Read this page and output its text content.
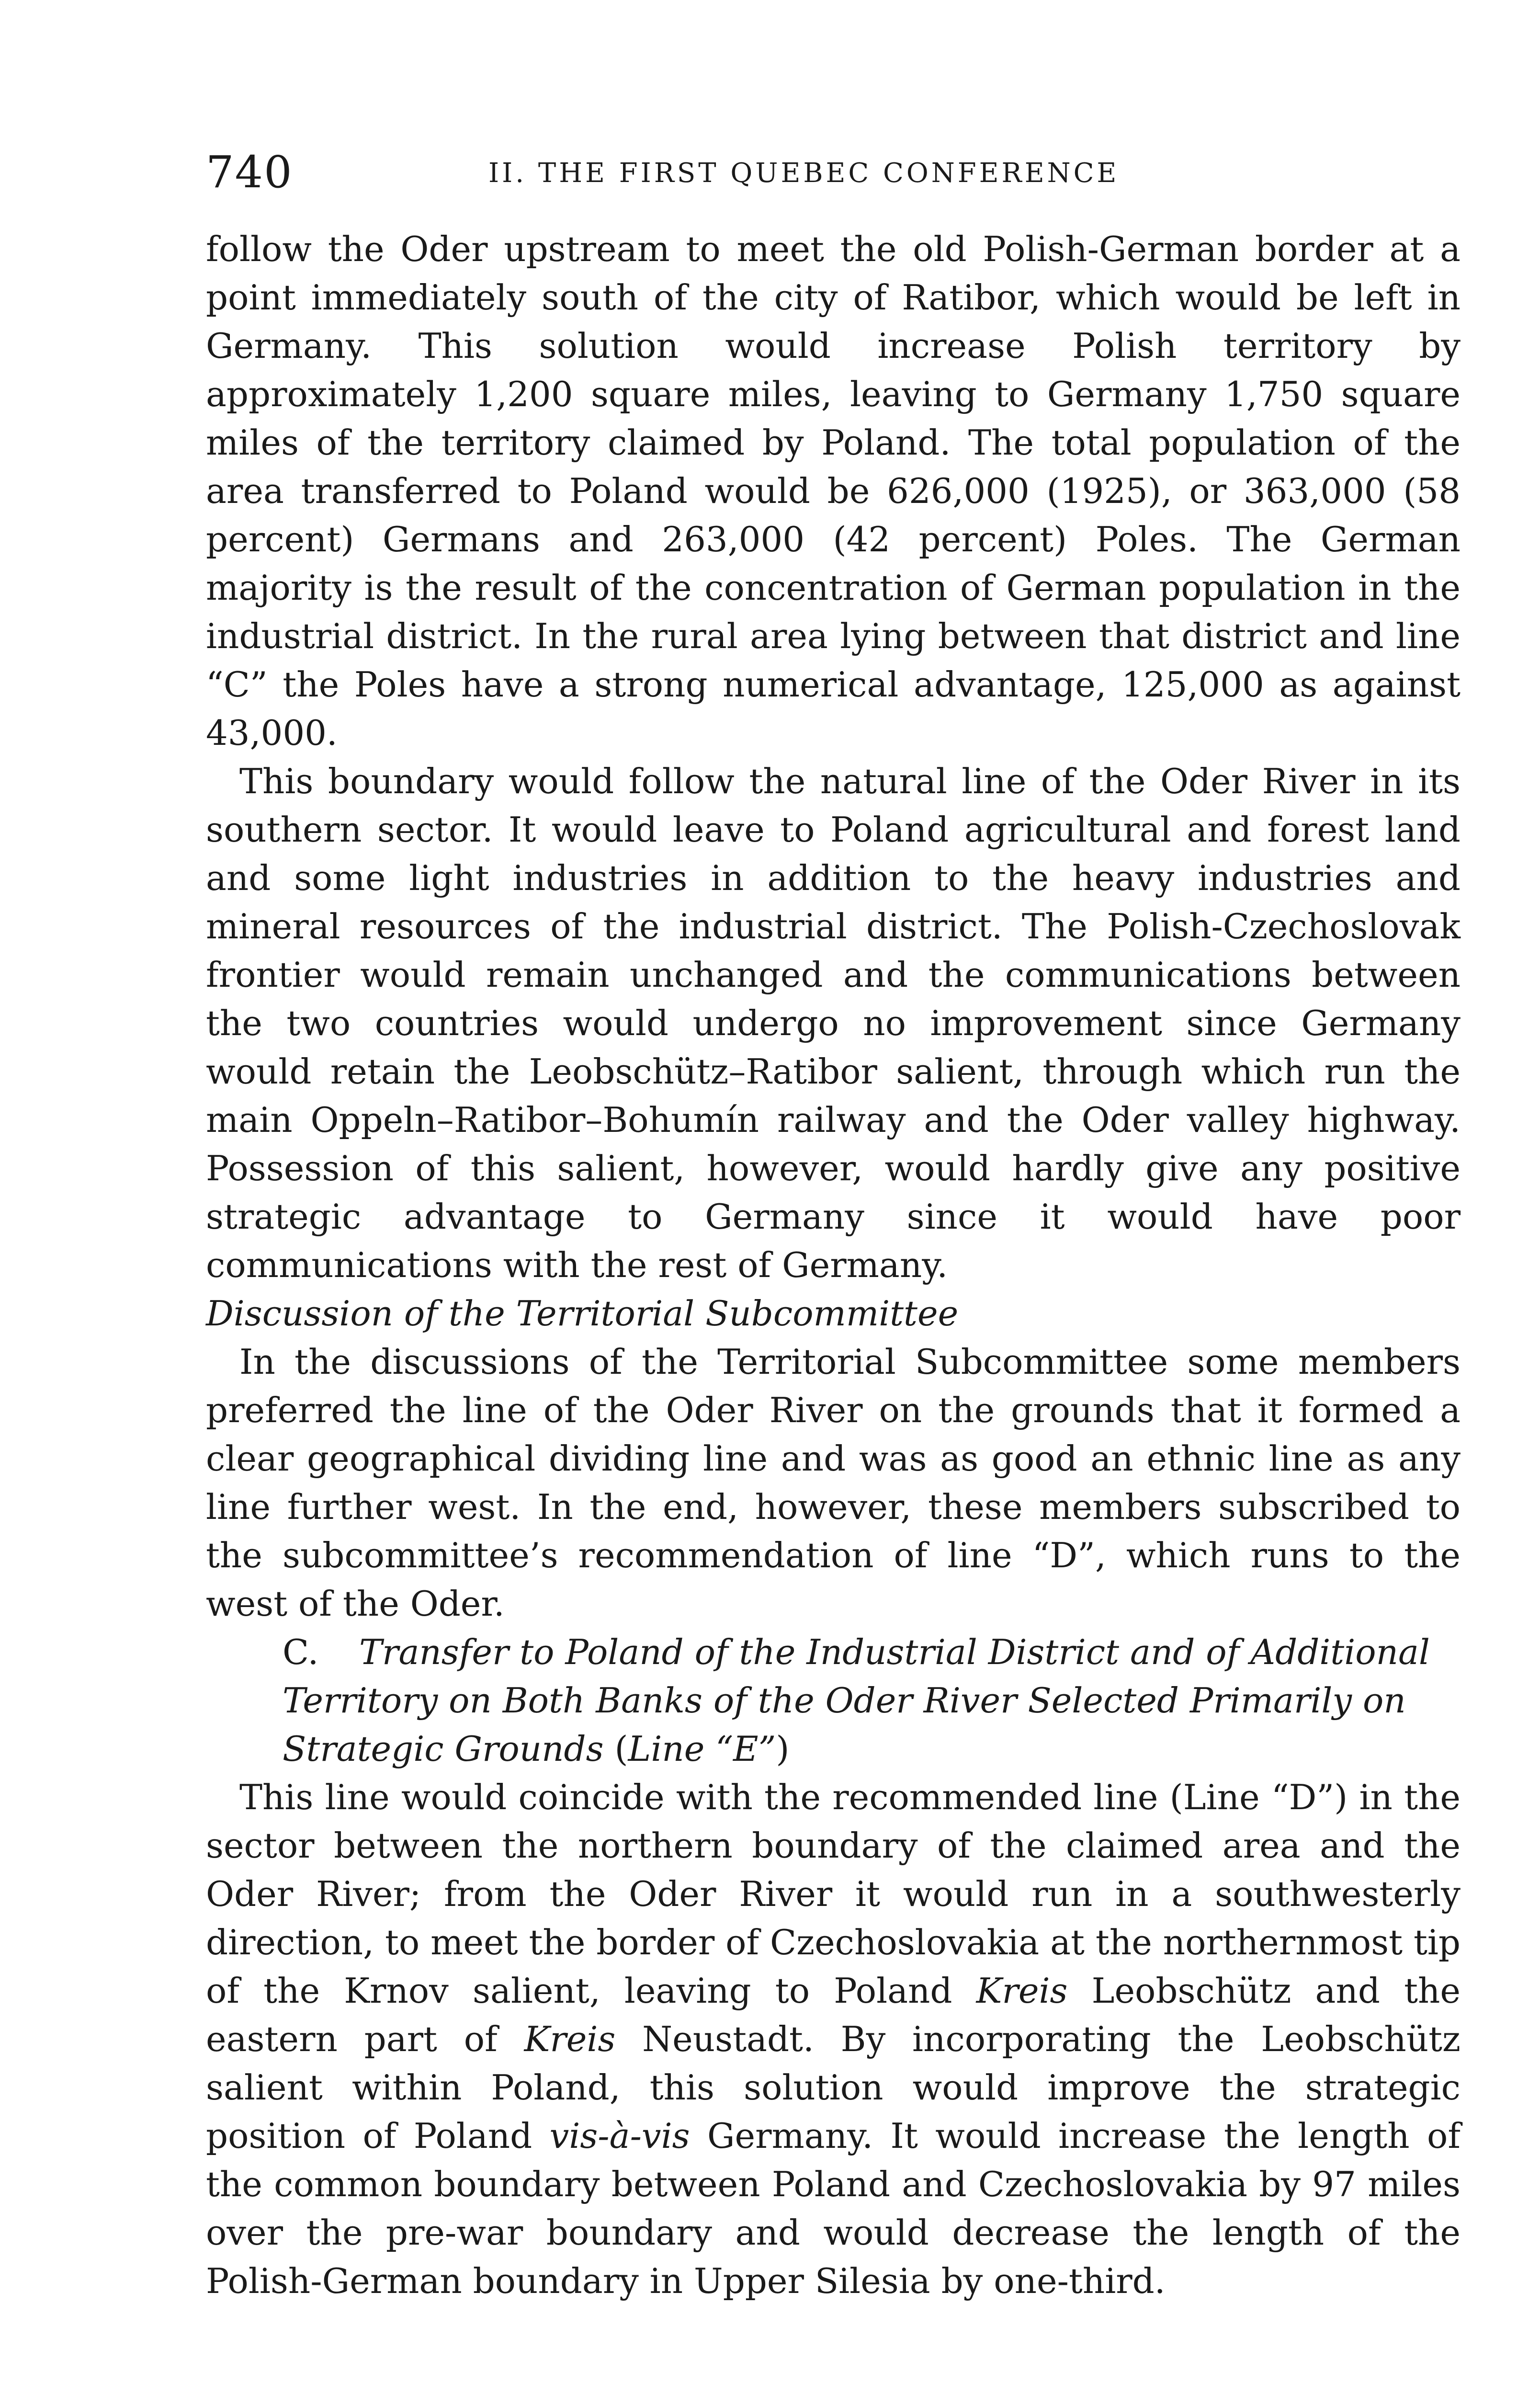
740	II. THE FIRST QUEBEC CONFERENCE

follow the Oder upstream to meet the old Polish-German border at a point immediately south of the city of Ratibor, which would be left in Germany. This solution would increase Polish territory by approximately 1,200 square miles, leaving to Germany 1,750 square miles of the territory claimed by Poland. The total population of the area transferred to Poland would be 626,000 (1925), or 363,000 (58 percent) Germans and 263,000 (42 percent) Poles. The German majority is the result of the concentration of German population in the industrial district. In the rural area lying between that district and line “C” the Poles have a strong numerical advantage, 125,000 as against 43,000.

This boundary would follow the natural line of the Oder River in its southern sector. It would leave to Poland agricultural and forest land and some light industries in addition to the heavy industries and mineral resources of the industrial district. The Polish-Czechoslovak frontier would remain unchanged and the communications between the two countries would undergo no improvement since Germany would retain the Leobschütz–Ratibor salient, through which run the main Oppeln–Ratibor–Bohumín railway and the Oder valley highway. Possession of this salient, however, would hardly give any positive strategic advantage to Germany since it would have poor communications with the rest of Germany.

Discussion of the Territorial Subcommittee

In the discussions of the Territorial Subcommittee some members preferred the line of the Oder River on the grounds that it formed a clear geographical dividing line and was as good an ethnic line as any line further west. In the end, however, these members subscribed to the subcommittee’s recommendation of line “D”, which runs to the west of the Oder.

C. Transfer to Poland of the Industrial District and of Additional Territory on Both Banks of the Oder River Selected Primarily on Strategic Grounds (Line “E”)

This line would coincide with the recommended line (Line “D”) in the sector between the northern boundary of the claimed area and the Oder River; from the Oder River it would run in a southwesterly direction, to meet the border of Czechoslovakia at the northernmost tip of the Krnov salient, leaving to Poland Kreis Leobschütz and the eastern part of Kreis Neustadt. By incorporating the Leobschütz salient within Poland, this solution would improve the strategic position of Poland vis-à-vis Germany. It would increase the length of the common boundary between Poland and Czechoslovakia by 97 miles over the pre-war boundary and would decrease the length of the Polish-German boundary in Upper Silesia by one-third.
